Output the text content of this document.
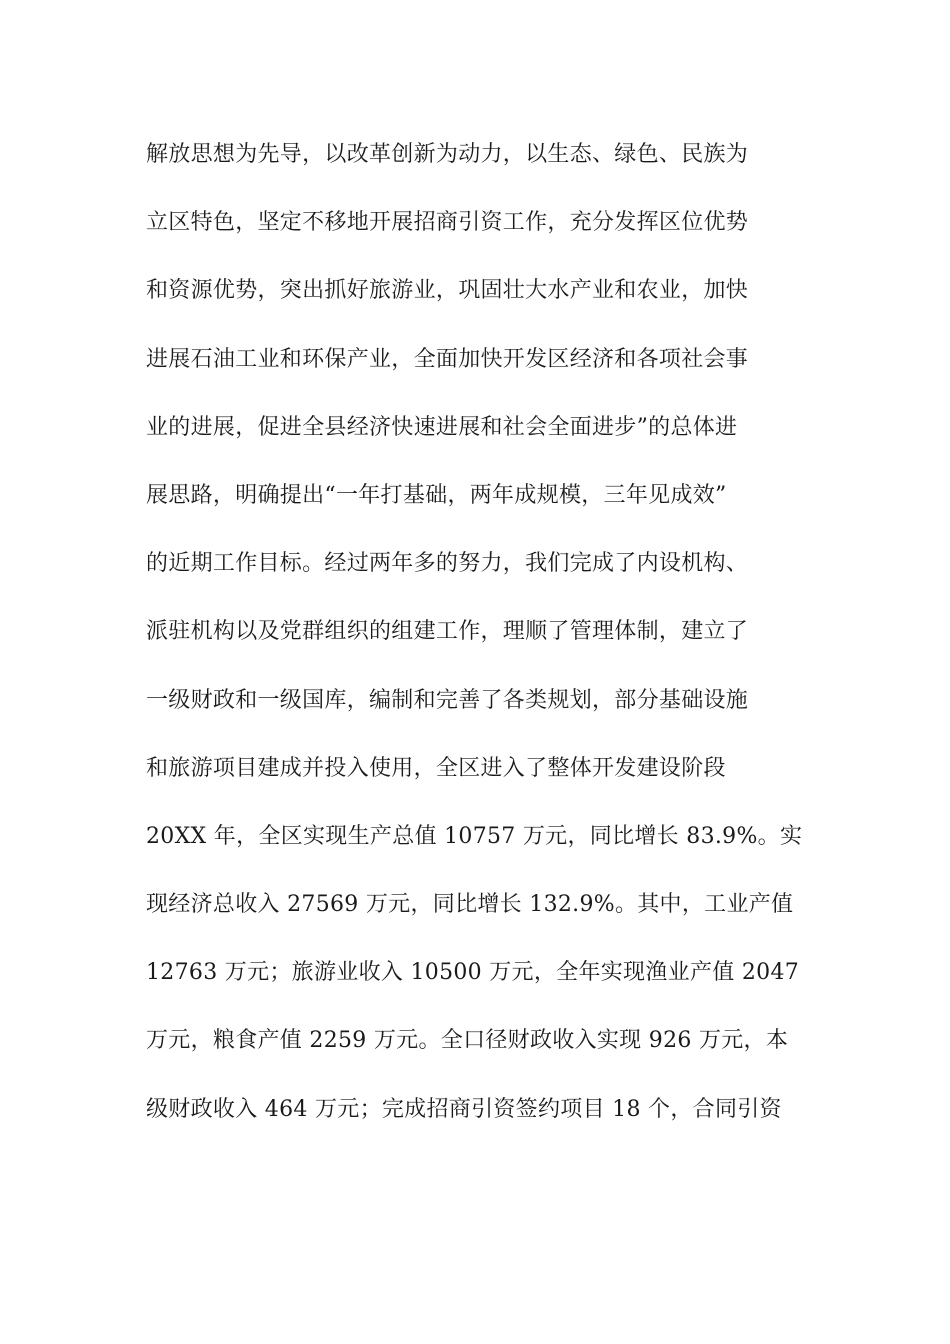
解放思想为先导，以改革创新为动力，以生态、绿色、民族为
立区特色，坚定不移地开展招商引资工作，充分发挥区位优势
和资源优势，突出抓好旅游业，巩固壮大水产业和农业，加快
进展石油工业和环保产业，全面加快开发区经济和各项社会事
业的进展，促进全县经济快速进展和社会全面进步”的总体进
展思路，明确提出“一年打基础，两年成规模，三年见成效”
的近期工作目标。经过两年多的努力，我们完成了内设机构、
派驻机构以及党群组织的组建工作，理顺了管理体制，建立了
一级财政和一级国库，编制和完善了各类规划，部分基础设施
和旅游项目建成并投入使用，全区进入了整体开发建设阶段
20XX 年，全区实现生产总值 10757 万元，同比增长 83.9%。实
现经济总收入 27569 万元，同比增长 132.9%。其中，工业产值
12763 万元；旅游业收入 10500 万元，全年实现渔业产值 2047
万元，粮食产值 2259 万元。全口径财政收入实现 926 万元，本
级财政收入 464 万元；完成招商引资签约项目 18 个，合同引资
